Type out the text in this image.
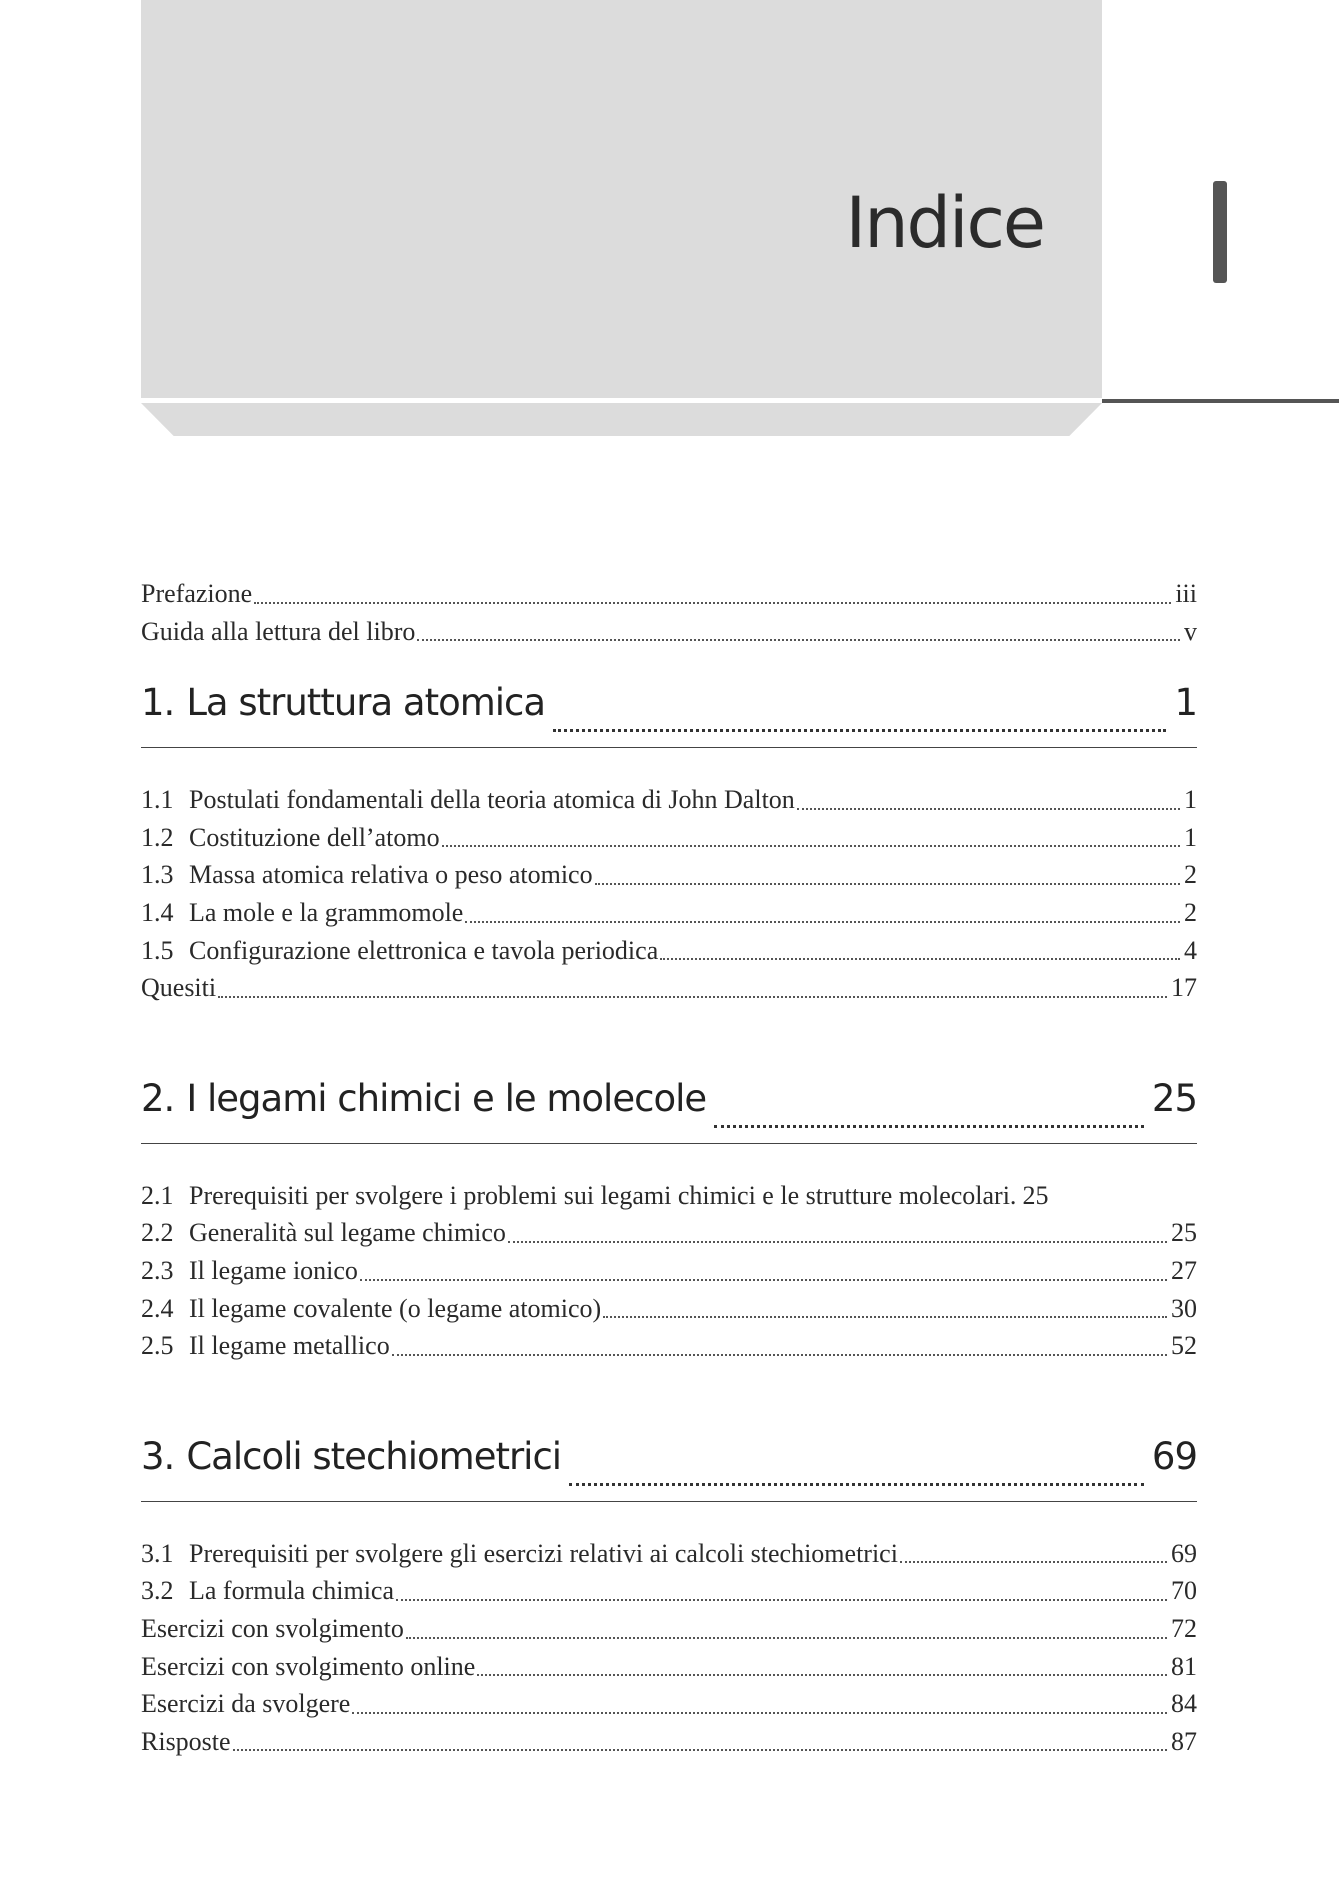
Indice
Prefazione	iii
Guida alla lettura del libro	v
1. La struttura atomica	1
1.1 Postulati fondamentali della teoria atomica di John Dalton	1
1.2 Costituzione dell’atomo	1
1.3 Massa atomica relativa o peso atomico	2
1.4 La mole e la grammomole	2
1.5 Configurazione elettronica e tavola periodica	4
Quesiti	17
2. I legami chimici e le molecole	25
2.1 Prerequisiti per svolgere i problemi sui legami chimici e le strutture molecolari. 25
2.2 Generalità sul legame chimico	25
2.3 Il legame ionico	27
2.4 Il legame covalente (o legame atomico)	30
2.5 Il legame metallico	52
3. Calcoli stechiometrici	69
3.1 Prerequisiti per svolgere gli esercizi relativi ai calcoli stechiometrici	69
3.2 La formula chimica	70
Esercizi con svolgimento	72
Esercizi con svolgimento online	81
Esercizi da svolgere	84
Risposte	87
